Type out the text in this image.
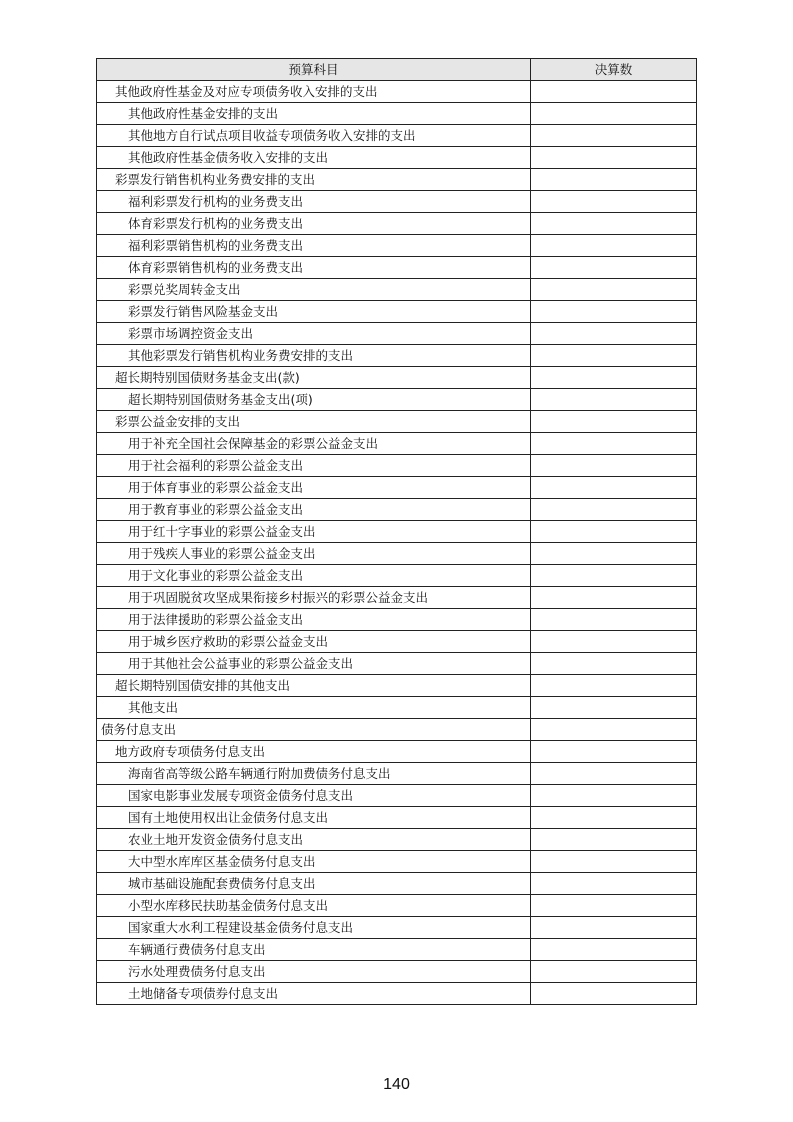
预算科目	决算数
其他政府性基金及对应专项债务收入安排的支出	
其他政府性基金安排的支出	
其他地方自行试点项目收益专项债务收入安排的支出	
其他政府性基金债务收入安排的支出	
彩票发行销售机构业务费安排的支出	
福利彩票发行机构的业务费支出	
体育彩票发行机构的业务费支出	
福利彩票销售机构的业务费支出	
体育彩票销售机构的业务费支出	
彩票兑奖周转金支出	
彩票发行销售风险基金支出	
彩票市场调控资金支出	
其他彩票发行销售机构业务费安排的支出	
超长期特别国债财务基金支出(款)	
超长期特别国债财务基金支出(项)	
彩票公益金安排的支出	
用于补充全国社会保障基金的彩票公益金支出	
用于社会福利的彩票公益金支出	
用于体育事业的彩票公益金支出	
用于教育事业的彩票公益金支出	
用于红十字事业的彩票公益金支出	
用于残疾人事业的彩票公益金支出	
用于文化事业的彩票公益金支出	
用于巩固脱贫攻坚成果衔接乡村振兴的彩票公益金支出	
用于法律援助的彩票公益金支出	
用于城乡医疗救助的彩票公益金支出	
用于其他社会公益事业的彩票公益金支出	
超长期特别国债安排的其他支出	
其他支出	
债务付息支出	
地方政府专项债务付息支出	
海南省高等级公路车辆通行附加费债务付息支出	
国家电影事业发展专项资金债务付息支出	
国有土地使用权出让金债务付息支出	
农业土地开发资金债务付息支出	
大中型水库库区基金债务付息支出	
城市基础设施配套费债务付息支出	
小型水库移民扶助基金债务付息支出	
国家重大水利工程建设基金债务付息支出	
车辆通行费债务付息支出	
污水处理费债务付息支出	
土地储备专项债券付息支出	
140
